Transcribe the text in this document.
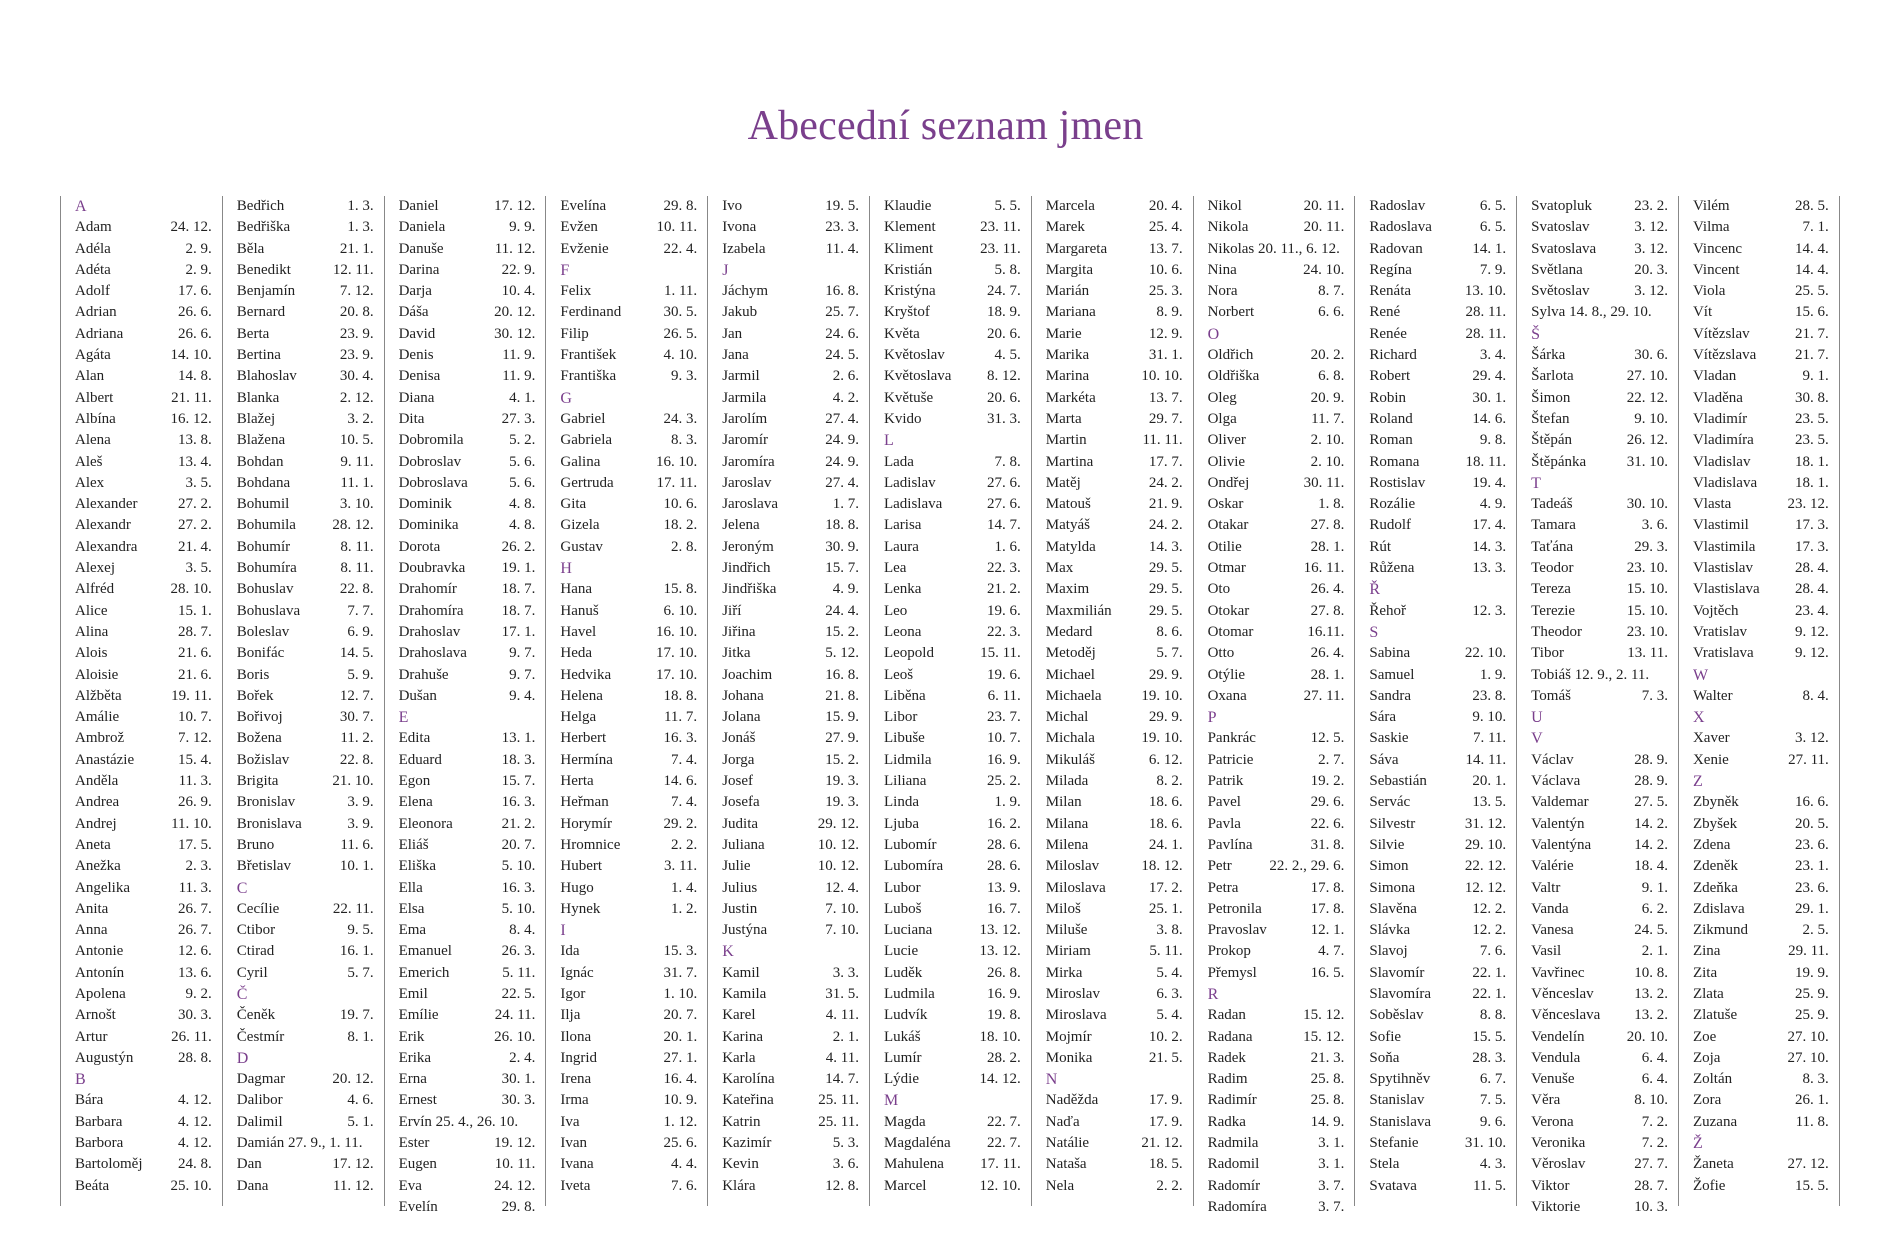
Abecední seznam jmen
A
Adam	24. 12.
Adéla	2. 9.
Adéta	2. 9.
Adolf	17. 6.
Adrian	26. 6.
Adriana	26. 6.
Agáta	14. 10.
Alan	14. 8.
Albert	21. 11.
Albína	16. 12.
Alena	13. 8.
Aleš	13. 4.
Alex	3. 5.
Alexander	27. 2.
Alexandr	27. 2.
Alexandra	21. 4.
Alexej	3. 5.
Alfréd	28. 10.
Alice	15. 1.
Alina	28. 7.
Alois	21. 6.
Aloisie	21. 6.
Alžběta	19. 11.
Amálie	10. 7.
Ambrož	7. 12.
Anastázie	15. 4.
Anděla	11. 3.
Andrea	26. 9.
Andrej	11. 10.
Aneta	17. 5.
Anežka	2. 3.
Angelika	11. 3.
Anita	26. 7.
Anna	26. 7.
Antonie	12. 6.
Antonín	13. 6.
Apolena	9. 2.
Arnošt	30. 3.
Artur	26. 11.
Augustýn	28. 8.
B
Bára	4. 12.
Barbara	4. 12.
Barbora	4. 12.
Bartoloměj 24. 8.
Beáta	25. 10.
Bedřich	1. 3.
Bedřiška	1. 3.
Běla	21. 1.
Benedikt	12. 11.
Benjamín	7. 12.
Bernard	20. 8.
Berta	23. 9.
Bertina	23. 9.
Blahoslav	30. 4.
Blanka	2. 12.
Blažej	3. 2.
Blažena	10. 5.
Bohdan	9. 11.
Bohdana	11. 1.
Bohumil	3. 10.
Bohumila 28. 12.
Bohumír	8. 11.
Bohumíra	8. 11.
Bohuslav	22. 8.
Bohuslava	7. 7.
Boleslav	6. 9.
Bonifác	14. 5.
Boris	5. 9.
Bořek	12. 7.
Bořivoj	30. 7.
Božena	11. 2.
Božislav	22. 8.
Brigita	21. 10.
Bronislav	3. 9.
Bronislava	3. 9.
Bruno	11. 6.
Břetislav	10. 1.
C
Cecílie	22. 11.
Ctibor	9. 5.
Ctirad	16. 1.
Cyril	5. 7.
Č
Čeněk	19. 7.
Čestmír	8. 1.
D
Dagmar	20. 12.
Dalibor	4. 6.
Dalimil	5. 1.
Damián 27. 9., 1. 11.
Dan	17. 12.
Dana	11. 12.
Daniel	17. 12.
Daniela	9. 9.
Danuše	11. 12.
Darina	22. 9.
Darja	10. 4.
Dáša	20. 12.
David	30. 12.
Denis	11. 9.
Denisa	11. 9.
Diana	4. 1.
Dita	27. 3.
Dobromila	5. 2.
Dobroslav	5. 6.
Dobroslava	5. 6.
Dominik	4. 8.
Dominika	4. 8.
Dorota	26. 2.
Doubravka 19. 1.
Drahomír	18. 7.
Drahomíra	18. 7.
Drahoslav	17. 1.
Drahoslava	9. 7.
Drahuše	9. 7.
Dušan	9. 4.
E
Edita	13. 1.
Eduard	18. 3.
Egon	15. 7.
Elena	16. 3.
Eleonora	21. 2.
Eliáš	20. 7.
Eliška	5. 10.
Ella	16. 3.
Elsa	5. 10.
Ema	8. 4.
Emanuel	26. 3.
Emerich	5. 11.
Emil	22. 5.
Emílie	24. 11.
Erik	26. 10.
Erika	2. 4.
Erna	30. 1.
Ernest	30. 3.
Ervín 25. 4., 26. 10.
Ester	19. 12.
Eugen	10. 11.
Eva	24. 12.
Evelín	29. 8.
Evelína	29. 8.
Evžen	10. 11.
Evženie	22. 4.
F
Felix	1. 11.
Ferdinand	30. 5.
Filip	26. 5.
František	4. 10.
Františka	9. 3.
G
Gabriel	24. 3.
Gabriela	8. 3.
Galina	16. 10.
Gertruda	17. 11.
Gita	10. 6.
Gizela	18. 2.
Gustav	2. 8.
H
Hana	15. 8.
Hanuš	6. 10.
Havel	16. 10.
Heda	17. 10.
Hedvika	17. 10.
Helena	18. 8.
Helga	11. 7.
Herbert	16. 3.
Hermína	7. 4.
Herta	14. 6.
Heřman	7. 4.
Horymír	29. 2.
Hromnice	2. 2.
Hubert	3. 11.
Hugo	1. 4.
Hynek	1. 2.
I
Ida	15. 3.
Ignác	31. 7.
Igor	1. 10.
Ilja	20. 7.
Ilona	20. 1.
Ingrid	27. 1.
Irena	16. 4.
Irma	10. 9.
Iva	1. 12.
Ivan	25. 6.
Ivana	4. 4.
Iveta	7. 6.
Ivo	19. 5.
Ivona	23. 3.
Izabela	11. 4.
J
Jáchym	16. 8.
Jakub	25. 7.
Jan	24. 6.
Jana	24. 5.
Jarmil	2. 6.
Jarmila	4. 2.
Jarolím	27. 4.
Jaromír	24. 9.
Jaromíra	24. 9.
Jaroslav	27. 4.
Jaroslava	1. 7.
Jelena	18. 8.
Jeroným	30. 9.
Jindřich	15. 7.
Jindřiška	4. 9.
Jiří	24. 4.
Jiřina	15. 2.
Jitka	5. 12.
Joachim	16. 8.
Johana	21. 8.
Jolana	15. 9.
Jonáš	27. 9.
Jorga	15. 2.
Josef	19. 3.
Josefa	19. 3.
Judita	29. 12.
Juliana	10. 12.
Julie	10. 12.
Julius	12. 4.
Justin	7. 10.
Justýna	7. 10.
K
Kamil	3. 3.
Kamila	31. 5.
Karel	4. 11.
Karina	2. 1.
Karla	4. 11.
Karolína	14. 7.
Kateřina	25. 11.
Katrin	25. 11.
Kazimír	5. 3.
Kevin	3. 6.
Klára	12. 8.
Klaudie	5. 5.
Klement	23. 11.
Kliment	23. 11.
Kristián	5. 8.
Kristýna	24. 7.
Kryštof	18. 9.
Květa	20. 6.
Květoslav	4. 5.
Květoslava 8. 12.
Květuše	20. 6.
Kvido	31. 3.
L
Lada	7. 8.
Ladislav	27. 6.
Ladislava	27. 6.
Larisa	14. 7.
Laura	1. 6.
Lea	22. 3.
Lenka	21. 2.
Leo	19. 6.
Leona	22. 3.
Leopold	15. 11.
Leoš	19. 6.
Liběna	6. 11.
Libor	23. 7.
Libuše	10. 7.
Lidmila	16. 9.
Liliana	25. 2.
Linda	1. 9.
Ljuba	16. 2.
Lubomír	28. 6.
Lubomíra	28. 6.
Lubor	13. 9.
Luboš	16. 7.
Luciana	13. 12.
Lucie	13. 12.
Luděk	26. 8.
Ludmila	16. 9.
Ludvík	19. 8.
Lukáš	18. 10.
Lumír	28. 2.
Lýdie	14. 12.
M
Magda	22. 7.
Magdaléna 22. 7.
Mahulena 17. 11.
Marcel	12. 10.
Marcela	20. 4.
Marek	25. 4.
Margareta	13. 7.
Margita	10. 6.
Marián	25. 3.
Mariana	8. 9.
Marie	12. 9.
Marika	31. 1.
Marina	10. 10.
Markéta	13. 7.
Marta	29. 7.
Martin	11. 11.
Martina	17. 7.
Matěj	24. 2.
Matouš	21. 9.
Matyáš	24. 2.
Matylda	14. 3.
Max	29. 5.
Maxim	29. 5.
Maxmilián 29. 5.
Medard	8. 6.
Metoděj	5. 7.
Michael	29. 9.
Michaela	19. 10.
Michal	29. 9.
Michala	19. 10.
Mikuláš	6. 12.
Milada	8. 2.
Milan	18. 6.
Milana	18. 6.
Milena	24. 1.
Miloslav	18. 12.
Miloslava	17. 2.
Miloš	25. 1.
Miluše	3. 8.
Miriam	5. 11.
Mirka	5. 4.
Miroslav	6. 3.
Miroslava	5. 4.
Mojmír	10. 2.
Monika	21. 5.
N
Naděžda	17. 9.
Naďa	17. 9.
Natálie	21. 12.
Nataša	18. 5.
Nela	2. 2.
Nikol	20. 11.
Nikola	20. 11.
Nikolas 20. 11., 6. 12.
Nina	24. 10.
Nora	8. 7.
Norbert	6. 6.
O
Oldřich	20. 2.
Oldřiška	6. 8.
Oleg	20. 9.
Olga	11. 7.
Oliver	2. 10.
Olivie	2. 10.
Ondřej	30. 11.
Oskar	1. 8.
Otakar	27. 8.
Otilie	28. 1.
Otmar	16. 11.
Oto	26. 4.
Otokar	27. 8.
Otomar	16.11.
Otto	26. 4.
Otýlie	28. 1.
Oxana	27. 11.
P
Pankrác	12. 5.
Patricie	2. 7.
Patrik	19. 2.
Pavel	29. 6.
Pavla	22. 6.
Pavlína	31. 8.
Petr	22. 2., 29. 6.
Petra	17. 8.
Petronila	17. 8.
Pravoslav	12. 1.
Prokop	4. 7.
Přemysl	16. 5.
R
Radan	15. 12.
Radana	15. 12.
Radek	21. 3.
Radim	25. 8.
Radimír	25. 8.
Radka	14. 9.
Radmila	3. 1.
Radomil	3. 1.
Radomír	3. 7.
Radomíra	3. 7.
Radoslav	6. 5.
Radoslava	6. 5.
Radovan	14. 1.
Regína	7. 9.
Renáta	13. 10.
René	28. 11.
Renée	28. 11.
Richard	3. 4.
Robert	29. 4.
Robin	30. 1.
Roland	14. 6.
Roman	9. 8.
Romana	18. 11.
Rostislav	19. 4.
Rozálie	4. 9.
Rudolf	17. 4.
Rút	14. 3.
Růžena	13. 3.
Ř
Řehoř	12. 3.
S
Sabina	22. 10.
Samuel	1. 9.
Sandra	23. 8.
Sára	9. 10.
Saskie	7. 11.
Sáva	14. 11.
Sebastián	20. 1.
Servác	13. 5.
Silvestr	31. 12.
Silvie	29. 10.
Simon	22. 12.
Simona	12. 12.
Slavěna	12. 2.
Slávka	12. 2.
Slavoj	7. 6.
Slavomír	22. 1.
Slavomíra	22. 1.
Soběslav	8. 8.
Sofie	15. 5.
Soňa	28. 3.
Spytihněv	6. 7.
Stanislav	7. 5.
Stanislava	9. 6.
Stefanie	31. 10.
Stela	4. 3.
Svatava	11. 5.
Svatopluk	23. 2.
Svatoslav	3. 12.
Svatoslava	3. 12.
Světlana	20. 3.
Světoslav	3. 12.
Sylva 14. 8., 29. 10.
Š
Šárka	30. 6.
Šarlota	27. 10.
Šimon	22. 12.
Štefan	9. 10.
Štěpán	26. 12.
Štěpánka	31. 10.
T
Tadeáš	30. 10.
Tamara	3. 6.
Taťána	29. 3.
Teodor	23. 10.
Tereza	15. 10.
Terezie	15. 10.
Theodor	23. 10.
Tibor	13. 11.
Tobiáš 12. 9., 2. 11.
Tomáš	7. 3.
U
V
Václav	28. 9.
Václava	28. 9.
Valdemar	27. 5.
Valentýn	14. 2.
Valentýna	14. 2.
Valérie	18. 4.
Valtr	9. 1.
Vanda	6. 2.
Vanesa	24. 5.
Vasil	2. 1.
Vavřinec	10. 8.
Věnceslav	13. 2.
Věnceslava 13. 2.
Vendelín	20. 10.
Vendula	6. 4.
Venuše	6. 4.
Věra	8. 10.
Verona	7. 2.
Veronika	7. 2.
Věroslav	27. 7.
Viktor	28. 7.
Viktorie	10. 3.
Vilém	28. 5.
Vilma	7. 1.
Vincenc	14. 4.
Vincent	14. 4.
Viola	25. 5.
Vít	15. 6.
Vítězslav	21. 7.
Vítězslava	21. 7.
Vladan	9. 1.
Vladěna	30. 8.
Vladimír	23. 5.
Vladimíra	23. 5.
Vladislav	18. 1.
Vladislava	18. 1.
Vlasta	23. 12.
Vlastimil	17. 3.
Vlastimila	17. 3.
Vlastislav	28. 4.
Vlastislava 28. 4.
Vojtěch	23. 4.
Vratislav	9. 12.
Vratislava	9. 12.
W
Walter	8. 4.
X
Xaver	3. 12.
Xenie	27. 11.
Z
Zbyněk	16. 6.
Zbyšek	20. 5.
Zdena	23. 6.
Zdeněk	23. 1.
Zdeňka	23. 6.
Zdislava	29. 1.
Zikmund	2. 5.
Zina	29. 11.
Zita	19. 9.
Zlata	25. 9.
Zlatuše	25. 9.
Zoe	27. 10.
Zoja	27. 10.
Zoltán	8. 3.
Zora	26. 1.
Zuzana	11. 8.
Ž
Žaneta	27. 12.
Žofie	15. 5.
